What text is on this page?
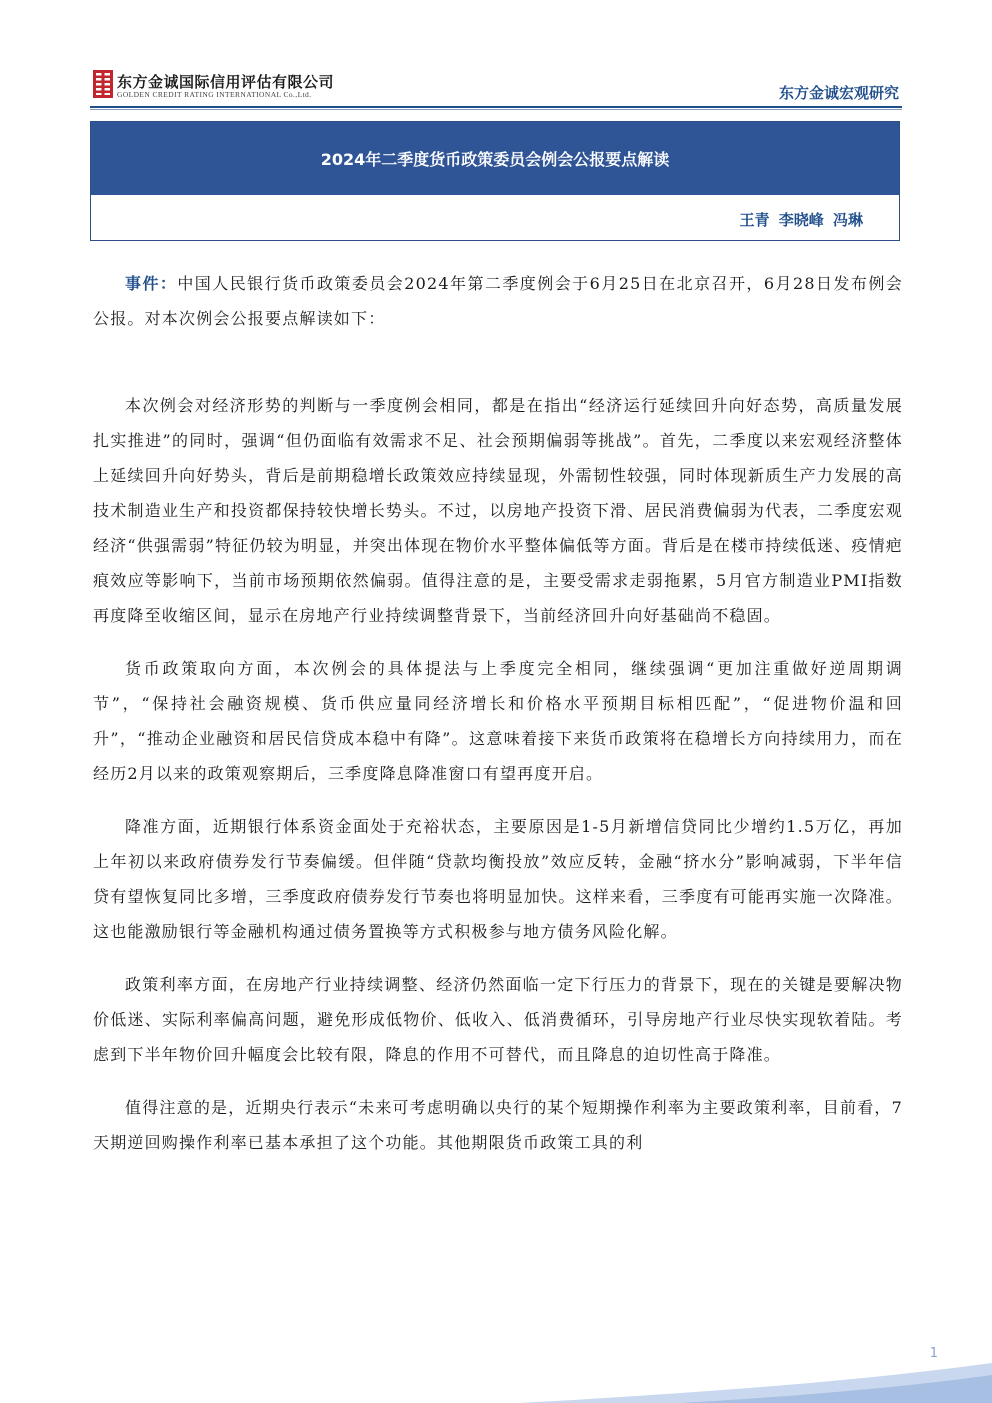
东方金诚国际信用评估有限公司
GOLDEN CREDIT RATING INTERNATIONAL Co.,Ltd.	东方金诚宏观研究
2024年二季度货币政策委员会例会公报要点解读
王青 李晓峰 冯琳

事件：中国人民银行货币政策委员会2024年第二季度例会于6月25日在北京召开，6月28日发布例会公报。对本次例会公报要点解读如下：

本次例会对经济形势的判断与一季度例会相同，都是在指出“经济运行延续回升向好态势，高质量发展扎实推进”的同时，强调“但仍面临有效需求不足、社会预期偏弱等挑战”。首先，二季度以来宏观经济整体上延续回升向好势头，背后是前期稳增长政策效应持续显现，外需韧性较强，同时体现新质生产力发展的高技术制造业生产和投资都保持较快增长势头。不过，以房地产投资下滑、居民消费偏弱为代表，二季度宏观经济“供强需弱”特征仍较为明显，并突出体现在物价水平整体偏低等方面。背后是在楼市持续低迷、疫情疤痕效应等影响下，当前市场预期依然偏弱。值得注意的是，主要受需求走弱拖累，5月官方制造业PMI指数再度降至收缩区间，显示在房地产行业持续调整背景下，当前经济回升向好基础尚不稳固。

货币政策取向方面，本次例会的具体提法与上季度完全相同，继续强调“更加注重做好逆周期调节”，“保持社会融资规模、货币供应量同经济增长和价格水平预期目标相匹配”，“促进物价温和回升”，“推动企业融资和居民信贷成本稳中有降”。这意味着接下来货币政策将在稳增长方向持续用力，而在经历2月以来的政策观察期后，三季度降息降准窗口有望再度开启。

降准方面，近期银行体系资金面处于充裕状态，主要原因是1-5月新增信贷同比少增约1.5万亿，再加上年初以来政府债券发行节奏偏缓。但伴随“贷款均衡投放”效应反转，金融“挤水分”影响减弱，下半年信贷有望恢复同比多增，三季度政府债券发行节奏也将明显加快。这样来看，三季度有可能再实施一次降准。这也能激励银行等金融机构通过债务置换等方式积极参与地方债务风险化解。

政策利率方面，在房地产行业持续调整、经济仍然面临一定下行压力的背景下，现在的关键是要解决物价低迷、实际利率偏高问题，避免形成低物价、低收入、低消费循环，引导房地产行业尽快实现软着陆。考虑到下半年物价回升幅度会比较有限，降息的作用不可替代，而且降息的迫切性高于降准。

值得注意的是，近期央行表示“未来可考虑明确以央行的某个短期操作利率为主要政策利率，目前看，7天期逆回购操作利率已基本承担了这个功能。其他期限货币政策工具的利

1
